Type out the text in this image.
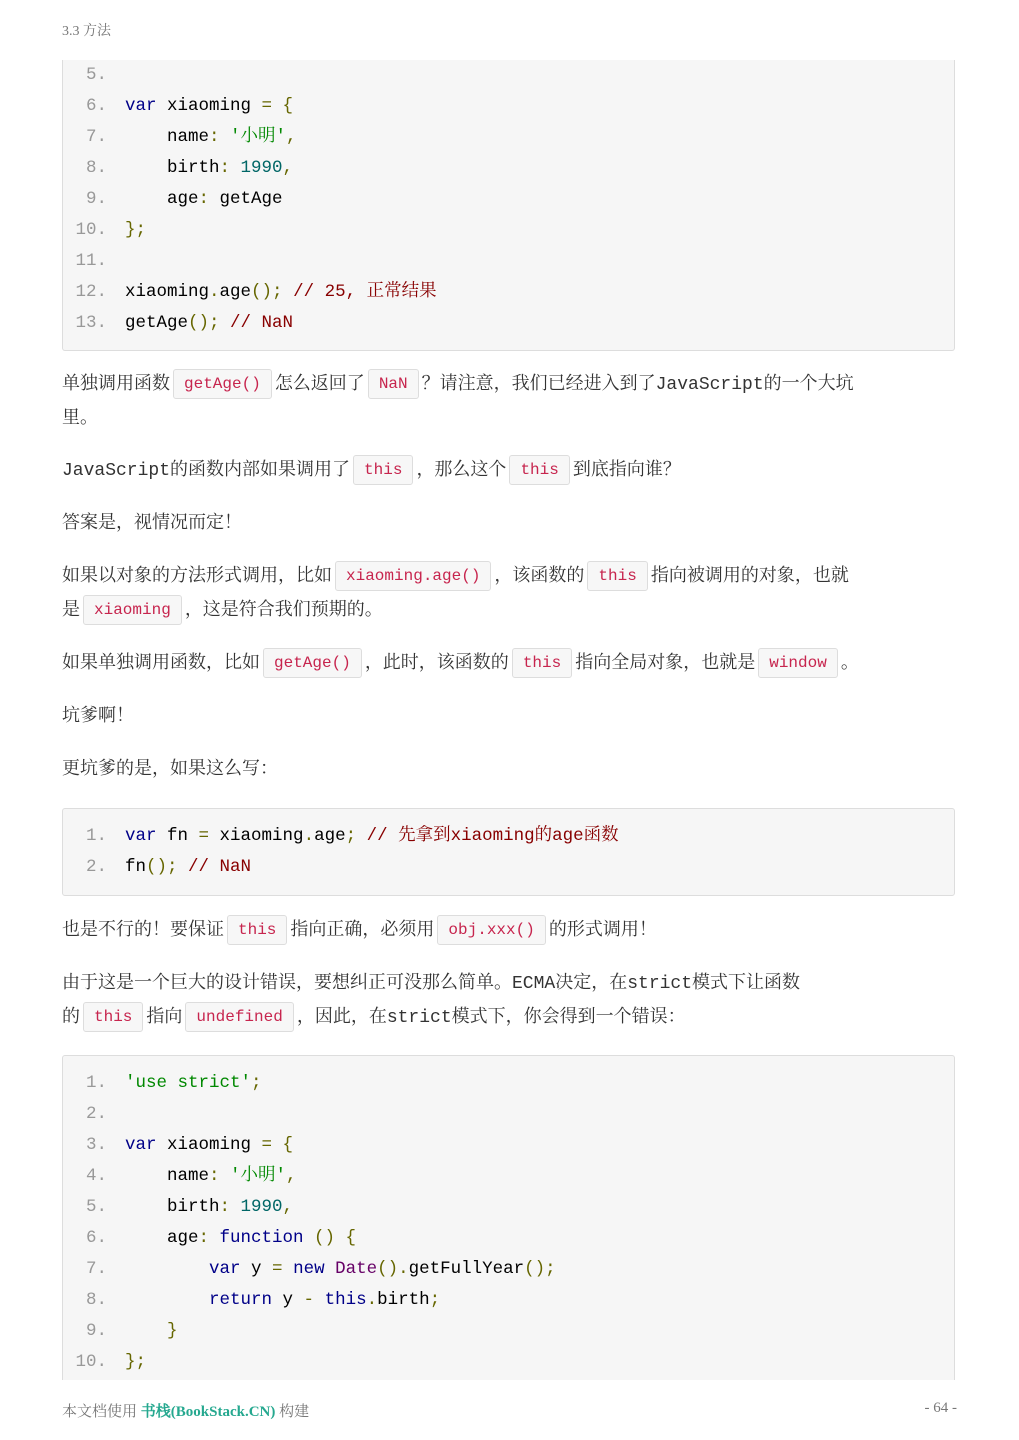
3.3 方法
5.
6. var xiaoming = {
7.    name: '小明',
8.    birth: 1990,
9.    age: getAge
10. };
11.
12. xiaoming.age(); // 25, 正常结果
13. getAge(); // NaN
单独调用函数 getAge() 怎么返回了 NaN ？请注意，我们已经进入到了JavaScript的一个大坑
里。
JavaScript的函数内部如果调用了 this ，那么这个 this 到底指向谁？
答案是，视情况而定！
如果以对象的方法形式调用，比如 xiaoming.age() ，该函数的 this 指向被调用的对象，也就
是 xiaoming ，这是符合我们预期的。
如果单独调用函数，比如 getAge() ，此时，该函数的 this 指向全局对象，也就是 window 。
坑爹啊！
更坑爹的是，如果这么写：
1. var fn = xiaoming.age; // 先拿到xiaoming的age函数
2. fn(); // NaN
也是不行的！要保证 this 指向正确，必须用 obj.xxx() 的形式调用！
由于这是一个巨大的设计错误，要想纠正可没那么简单。ECMA决定，在strict模式下让函数
的 this 指向 undefined ，因此，在strict模式下，你会得到一个错误：
1. 'use strict';
2.
3. var xiaoming = {
4.    name: '小明',
5.    birth: 1990,
6.    age: function () {
7.	var y = new Date().getFullYear();
8.	return y - this.birth;
9.    }
10. };
本文档使用 书栈(BookStack.CN) 构建	- 64 -
